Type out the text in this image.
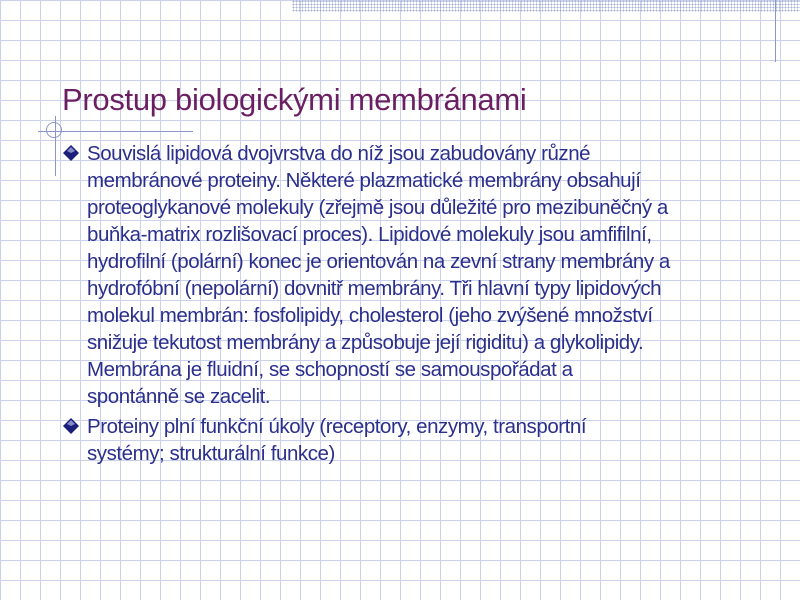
Prostup biologickými membránami
Souvislá lipidová dvojvrstva do níž jsou zabudovány různé
membránové proteiny. Některé plazmatické membrány obsahují
proteoglykanové molekuly (zřejmě jsou důležité pro mezibuněčný a
buňka-matrix rozlišovací proces). Lipidové molekuly jsou amfifilní,
hydrofilní (polární) konec je orientován na zevní strany membrány a
hydrofóbní (nepolární) dovnitř membrány. Tři hlavní typy lipidových
molekul membrán: fosfolipidy, cholesterol (jeho zvýšené množství
snižuje tekutost membrány a způsobuje její rigiditu) a glykolipidy.
Membrána je fluidní, se schopností se samouspořádat a
spontánně se zacelit.
Proteiny plní funkční úkoly (receptory, enzymy, transportní
systémy; strukturální funkce)
